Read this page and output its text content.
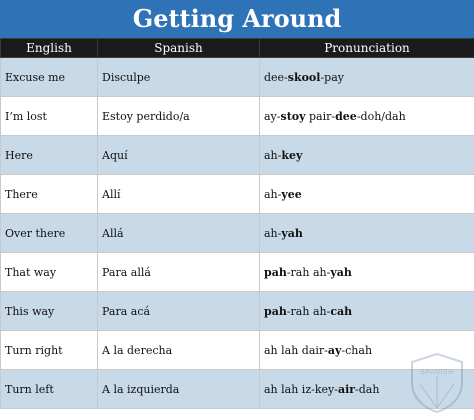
Getting Around
English	Spanish	Pronunciation
Excuse me	Disculpe	dee-skool-pay
I’m lost	Estoy perdido/a	ay-stoy pair-dee-doh/dah
Here	Aquí	ah-key
There	Allí	ah-yee
Over there	Allá	ah-yah
That way	Para allá	pah-rah ah-yah
This way	Para acá	pah-rah ah-cah
Turn right	A la derecha	ah lah dair-ay-chah
Turn left	A la izquierda	ah lah iz-key-air-dah
SPANISH
